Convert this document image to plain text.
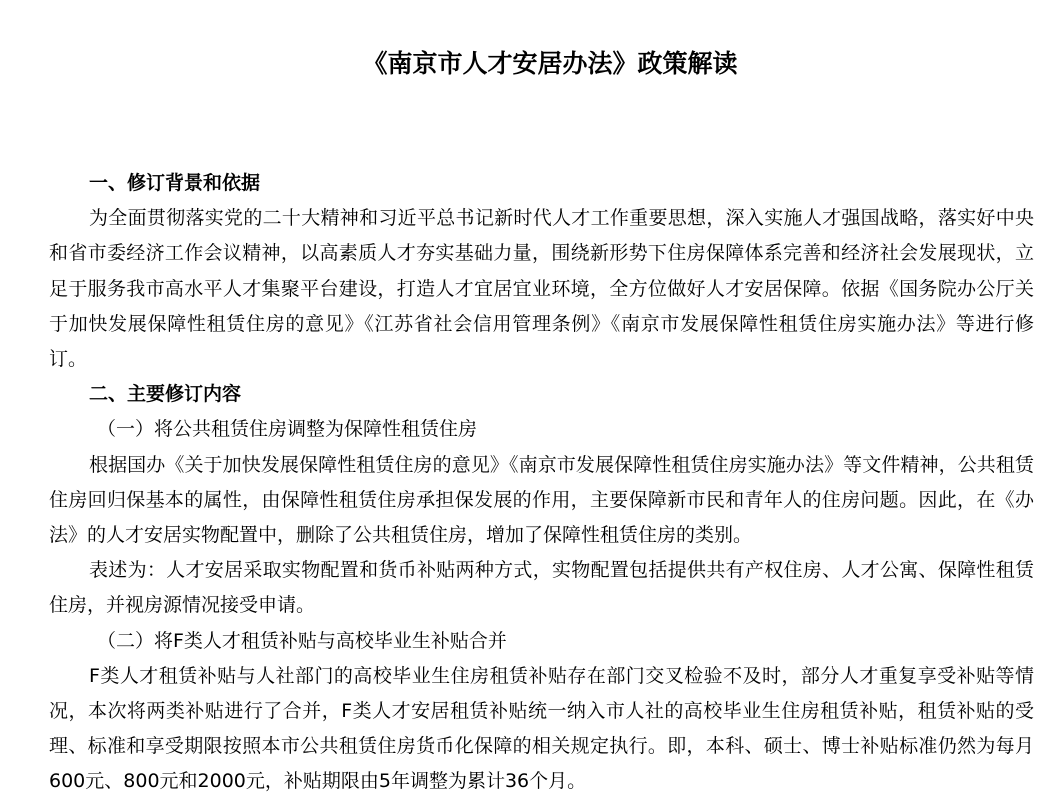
《南京市人才安居办法》政策解读
一、修订背景和依据
为全面贯彻落实党的二十大精神和习近平总书记新时代人才工作重要思想，深入实施人才强国战略，落实好中央和省市委经济工作会议精神，以高素质人才夯实基础力量，围绕新形势下住房保障体系完善和经济社会发展现状，立足于服务我市高水平人才集聚平台建设，打造人才宜居宜业环境，全方位做好人才安居保障。依据《国务院办公厅关于加快发展保障性租赁住房的意见》《江苏省社会信用管理条例》《南京市发展保障性租赁住房实施办法》等进行修订。
二、主要修订内容
（一）将公共租赁住房调整为保障性租赁住房
根据国办《关于加快发展保障性租赁住房的意见》《南京市发展保障性租赁住房实施办法》等文件精神，公共租赁住房回归保基本的属性，由保障性租赁住房承担保发展的作用，主要保障新市民和青年人的住房问题。因此，在《办法》的人才安居实物配置中，删除了公共租赁住房，增加了保障性租赁住房的类别。
表述为：人才安居采取实物配置和货币补贴两种方式，实物配置包括提供共有产权住房、人才公寓、保障性租赁住房，并视房源情况接受申请。
（二）将F类人才租赁补贴与高校毕业生补贴合并
F类人才租赁补贴与人社部门的高校毕业生住房租赁补贴存在部门交叉检验不及时，部分人才重复享受补贴等情况，本次将两类补贴进行了合并，F类人才安居租赁补贴统一纳入市人社的高校毕业生住房租赁补贴，租赁补贴的受理、标准和享受期限按照本市公共租赁住房货币化保障的相关规定执行。即，本科、硕士、博士补贴标准仍然为每月600元、800元和2000元，补贴期限由5年调整为累计36个月。
